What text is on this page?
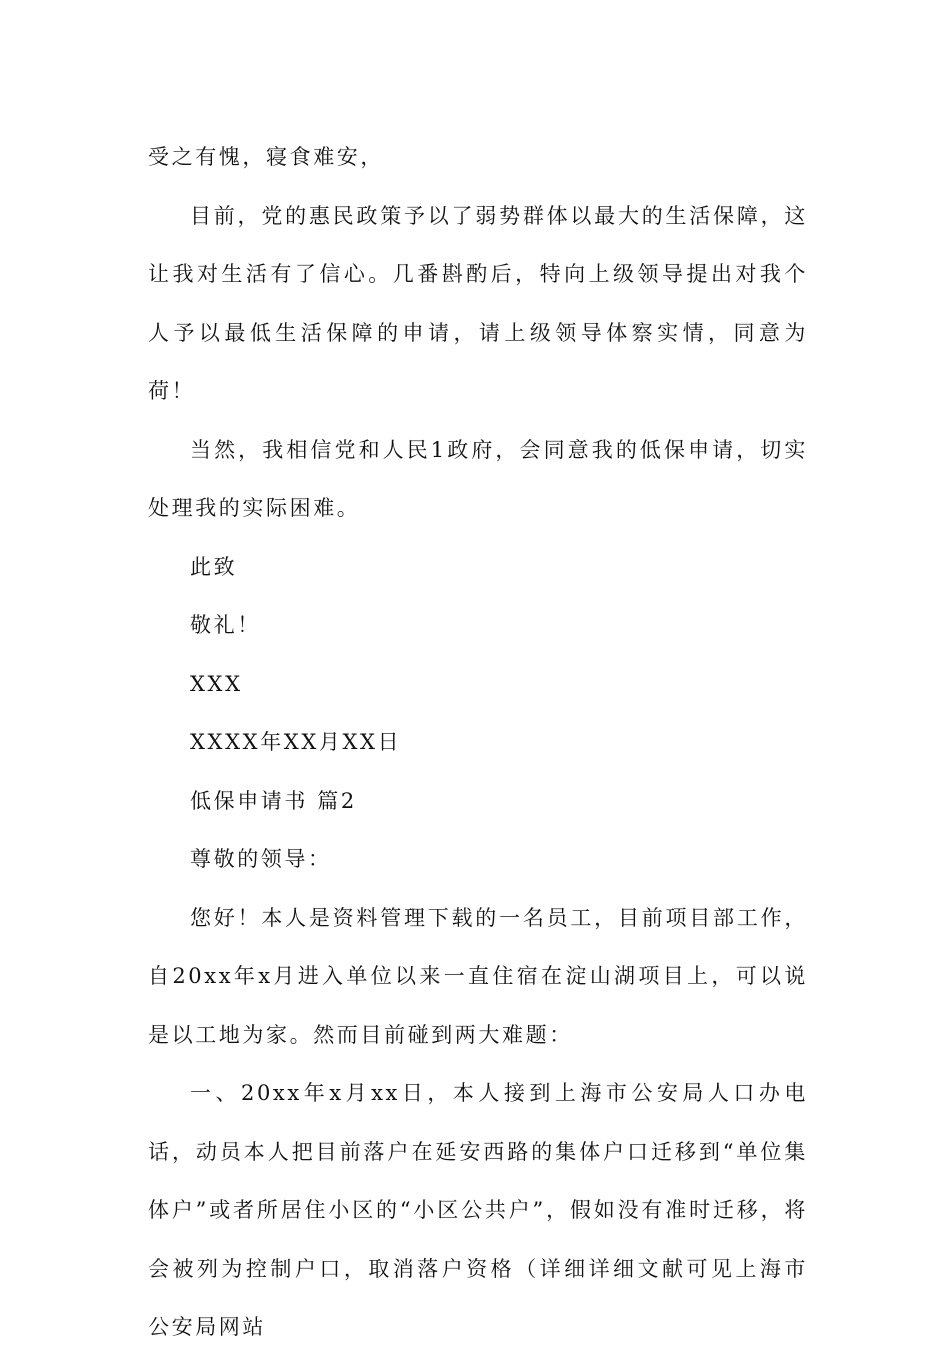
受之有愧，寝食难安，

目前，党的惠民政策予以了弱势群体以最大的生活保障，这让我对生活有了信心。几番斟酌后，特向上级领导提出对我个人予以最低生活保障的申请，请上级领导体察实情，同意为荷！

当然，我相信党和人民1政府，会同意我的低保申请，切实处理我的实际困难。

此致

敬礼！

XXX

XXXX年XX月XX日

低保申请书 篇2

尊敬的领导：

您好！本人是资料管理下载的一名员工，目前项目部工作，自20xx年x月进入单位以来一直住宿在淀山湖项目上，可以说是以工地为家。然而目前碰到两大难题：

一、20xx年x月xx日，本人接到上海市公安局人口办电话，动员本人把目前落户在延安西路的集体户口迁移到“单位集体户”或者所居住小区的“小区公共户”，假如没有准时迁移，将会被列为控制户口，取消落户资格（详细详细文献可见上海市公安局网站
